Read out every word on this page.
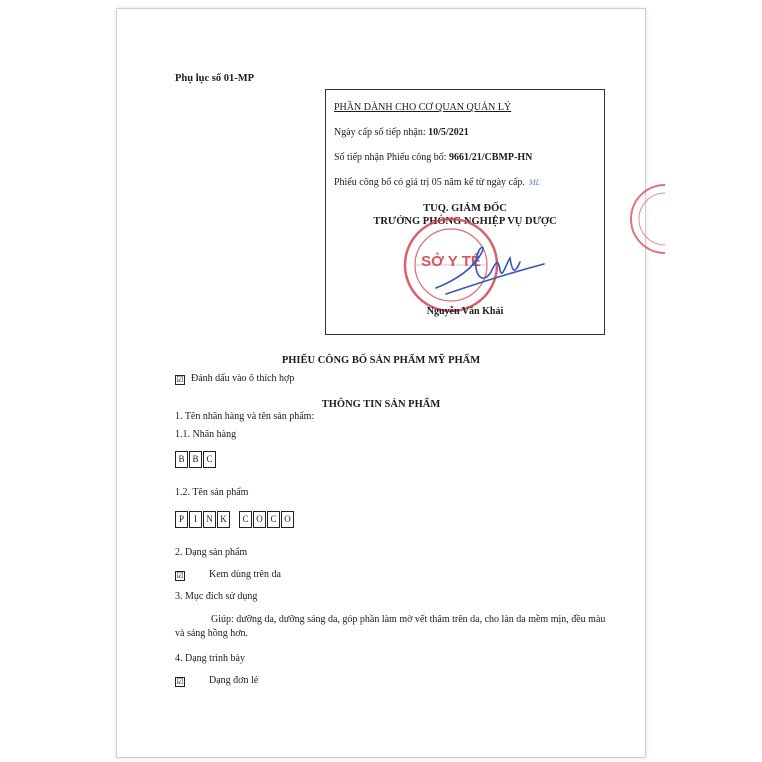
Phụ lục số 01-MP
PHẦN DÀNH CHO CƠ QUAN QUẢN LÝ
Ngày cấp số tiếp nhận: 10/5/2021
Số tiếp nhận Phiếu công bố: 9661/21/CBMP-HN
Phiếu công bố có giá trị 05 năm kể từ ngày cấp. ML
TUQ. GIÁM ĐỐC
TRƯỞNG PHÒNG NGHIỆP VỤ DƯỢC
SỞ Y TẾ
Nguyễn Văn Khải
PHIẾU CÔNG BỐ SẢN PHẨM MỸ PHẨM
☑ Đánh dấu vào ô thích hợp
THÔNG TIN SẢN PHẨM
1. Tên nhãn hàng và tên sản phẩm:
1.1. Nhãn hàng
B B C
1.2. Tên sản phẩm
P	I	N K	C O C O
2. Dạng sản phẩm
☑	Kem dùng trên da
3. Mục đích sử dụng
Giúp: dưỡng da, dưỡng sáng da, góp phần làm mờ vết thâm trên da, cho làn da mềm mịn, đều màu và sáng hồng hơn.
4. Dạng trình bày
☑	Dạng đơn lẻ
